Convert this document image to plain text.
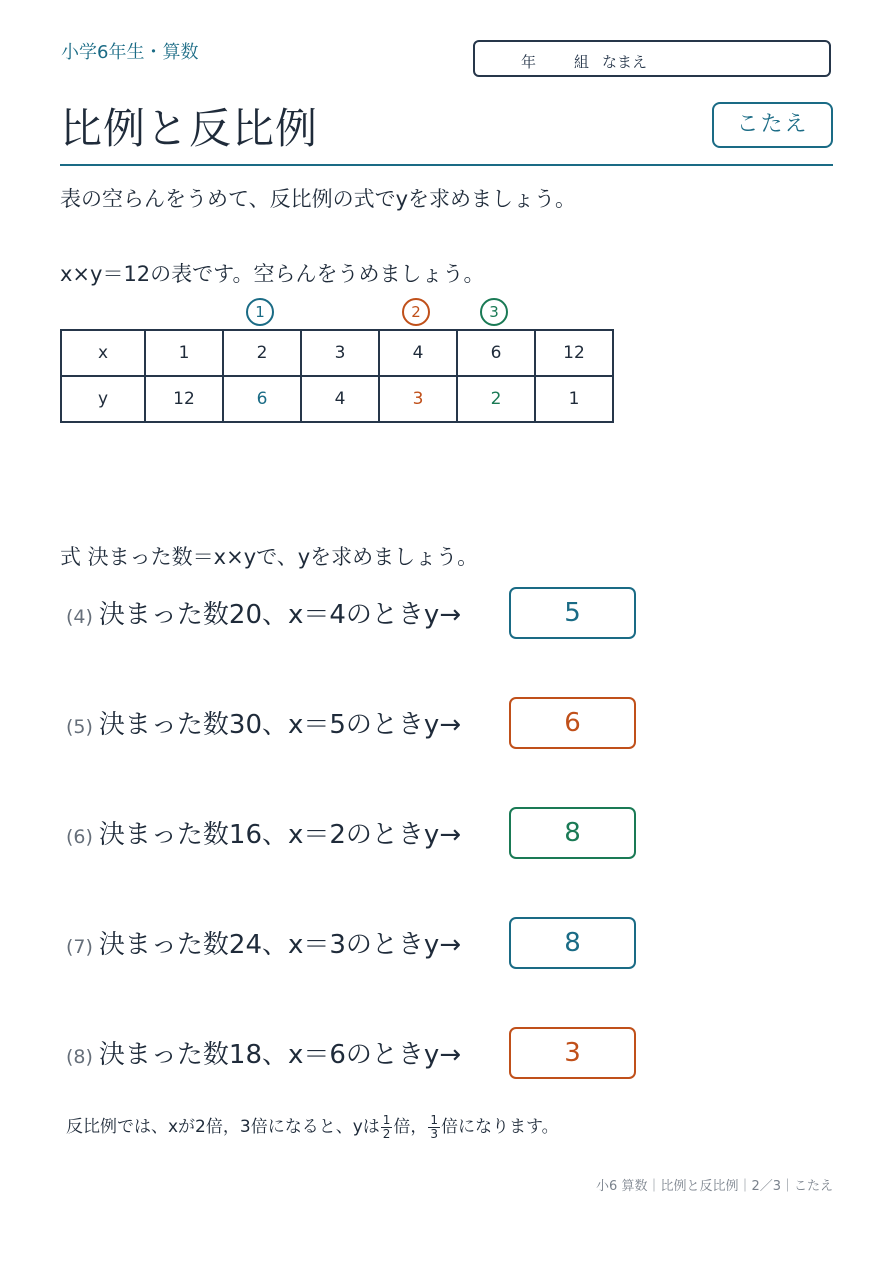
小学6年生・算数	年	組 なまえ
比例と反比例	こたえ
表の空らんをうめて、反比例の式でyを求めましょう。
x×y＝12の表です。空らんをうめましょう。
1	2	3
x	1	2	3	4	6	12
y	12	6	4	3	2	1
式 決まった数＝x×yで、yを求めましょう。
(4) 決まった数20、x＝4のときy→	5
(5) 決まった数30、x＝5のときy→	6
(6) 決まった数16、x＝2のときy→	8
(7) 決まった数24、x＝3のときy→	8
(8) 決まった数18、x＝6のときy→	3
反比例では、xが2倍，3倍になると、yは $\frac{1}{2}$ 倍， $\frac{1}{3}$ 倍になります。
小6 算数｜比例と反比例｜2／3｜こたえ
